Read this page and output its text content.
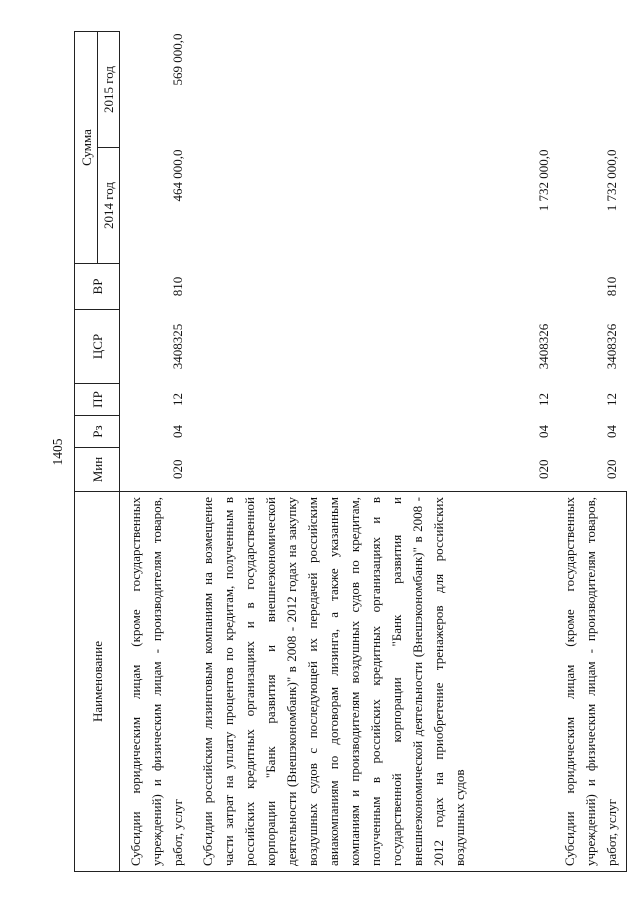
1405
Наименование	Мин	Рз	ПР	ЦСР	ВР	Сумма	
						2014 год	2015 год
Субсидии юридическим лицам (кроме государственных учреждений) и физическим лицам - производителям товаров, работ, услуг	020	04	12	3408325	810	464 000,0	569 000,0

Субсидии российским лизинговым компаниям на возмещение части затрат на уплату процентов по кредитам, полученным в российских кредитных организациях и в государственной корпорации "Банк развития и внешнеэкономической деятельности (Внешэкономбанк)" в 2008 - 2012 годах на закупку воздушных судов с последующей их передачей российским авиакомпаниям по договорам лизинга, а также указанным компаниям и производителям воздушных судов по кредитам, полученным в российских кредитных организациях и в государственной корпорации "Банк развития и внешнеэкономической деятельности (Внешэкономбанк)" в 2008 - 2012 годах на приобретение тренажеров для российских воздушных судов	020	04	12	3408326		1 732 000,0	

Субсидии юридическим лицам (кроме государственных учреждений) и физическим лицам - производителям товаров, работ, услуг	020	04	12	3408326	810	1 732 000,0	
